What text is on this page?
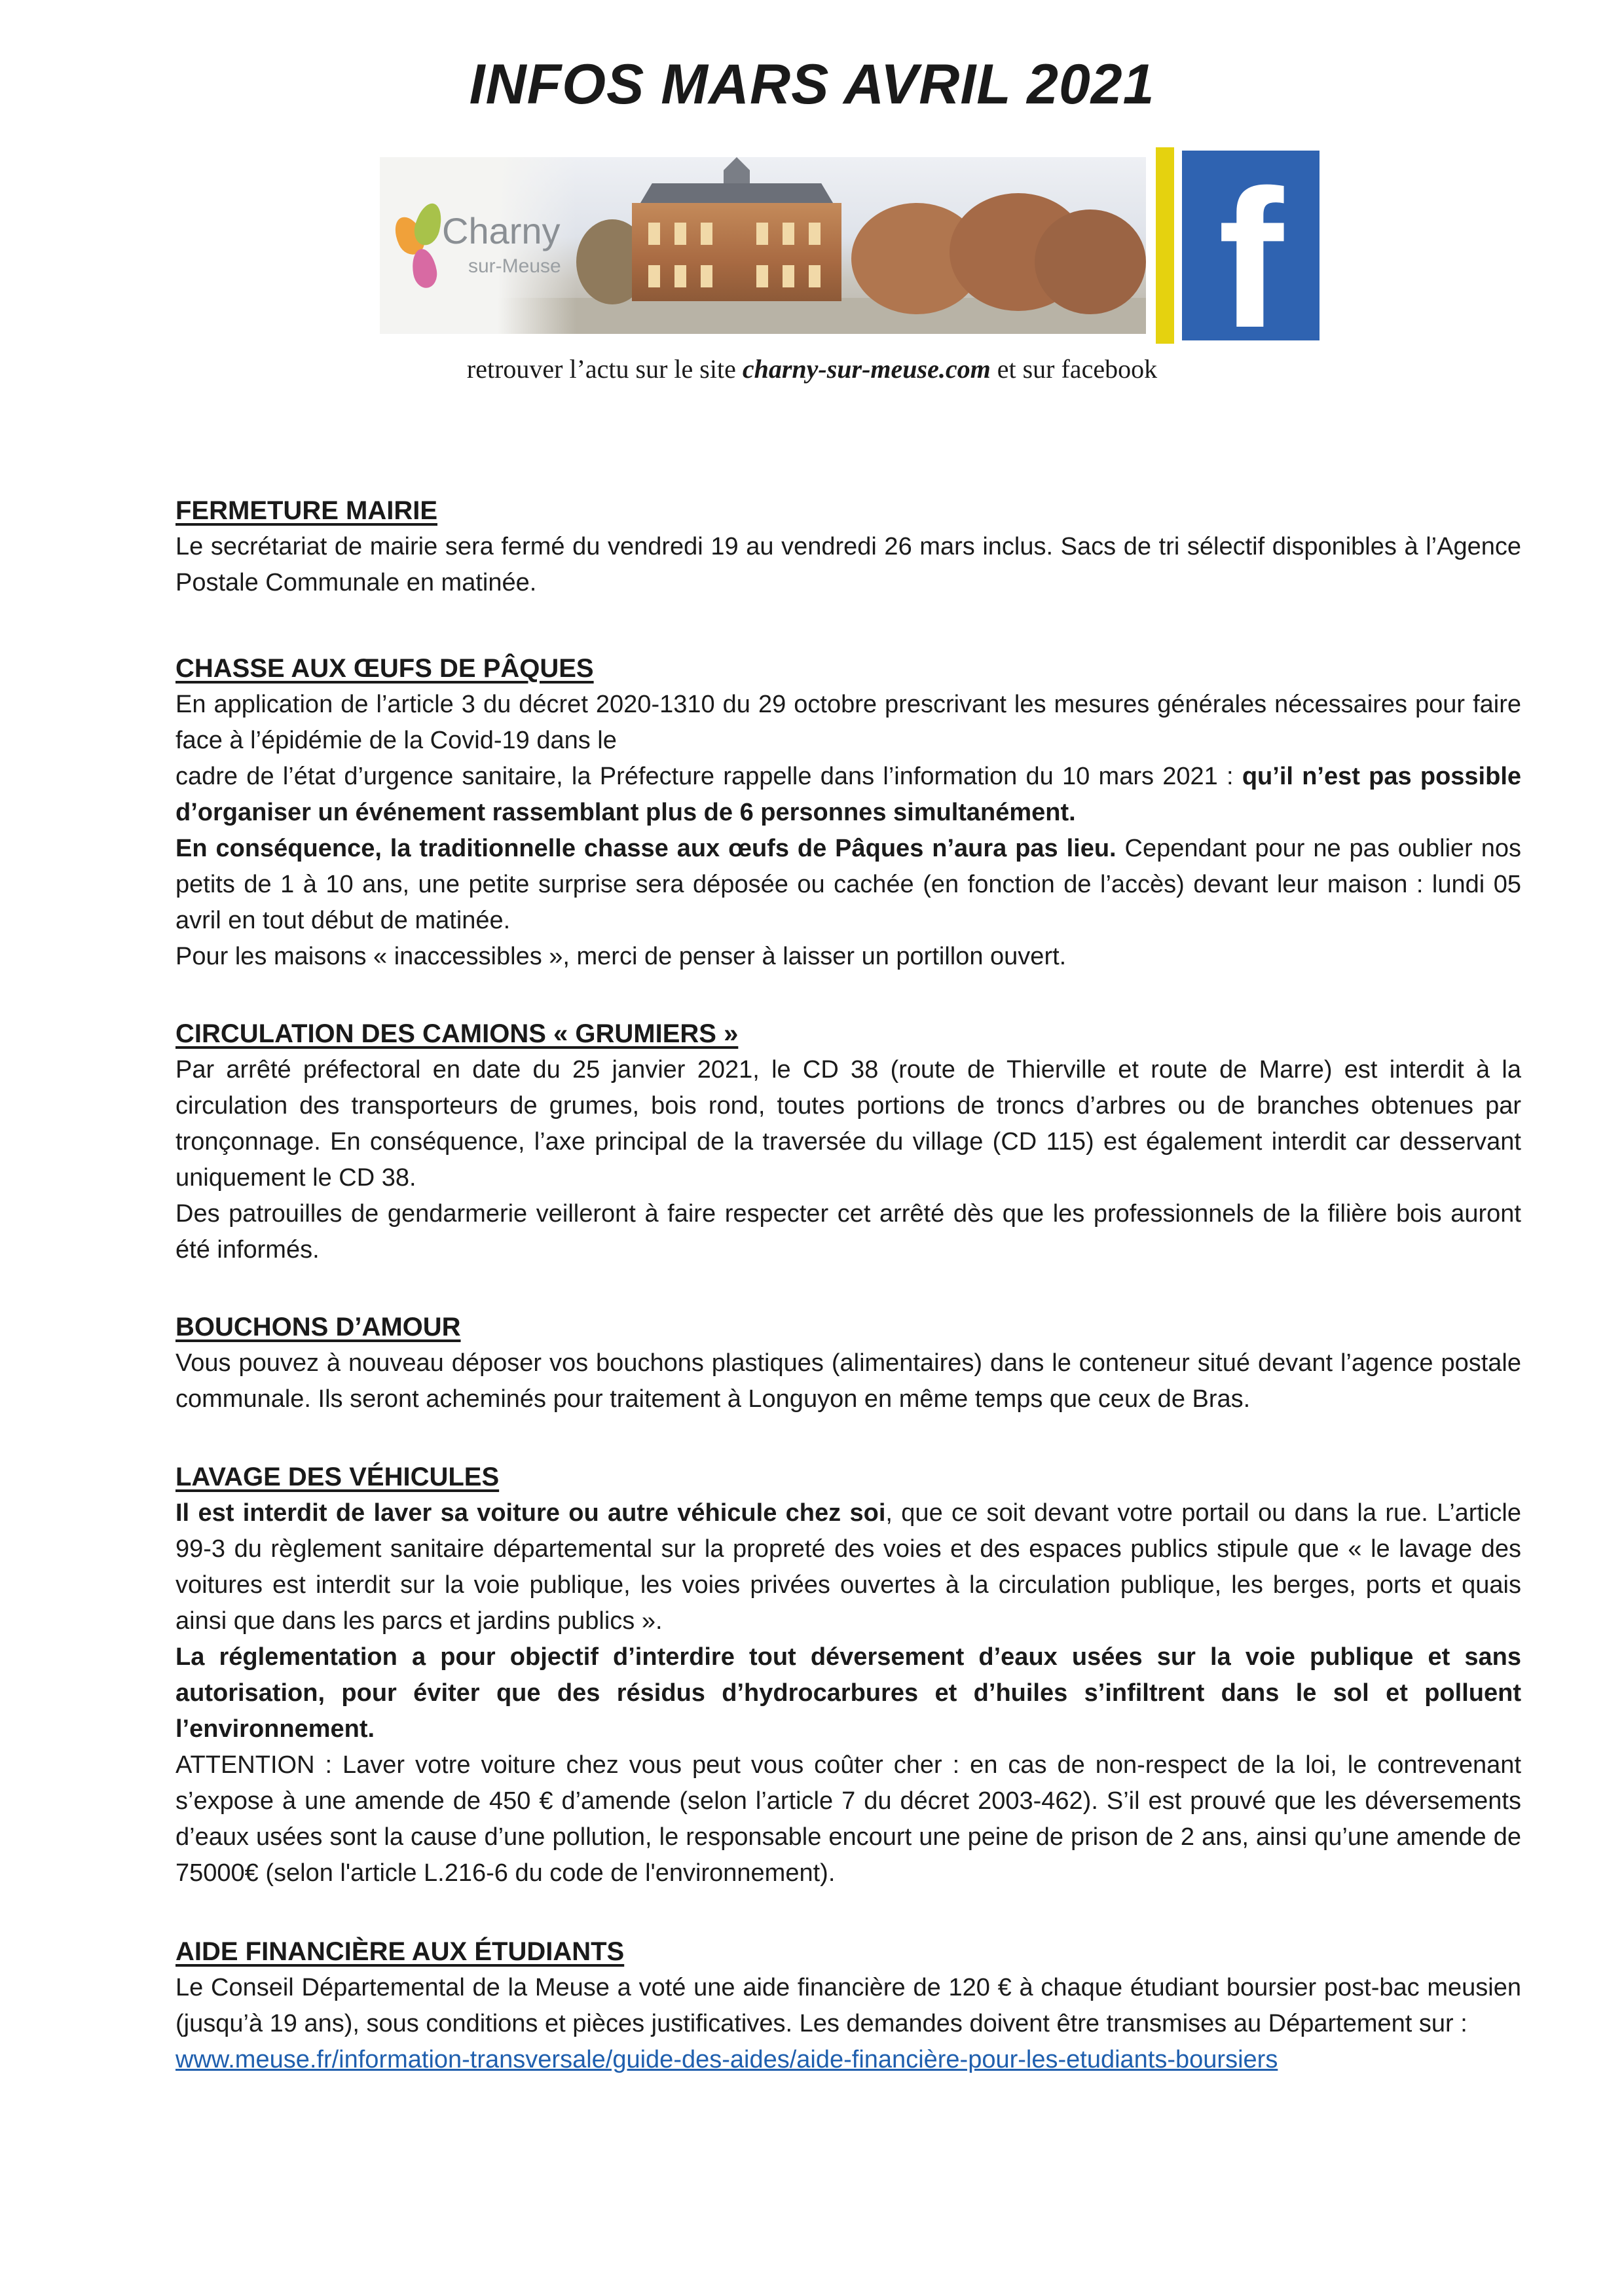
INFOS MARS AVRIL 2021
Charny
sur-Meuse	f
retrouver l’actu sur le site charny-sur-meuse.com et sur facebook

FERMETURE MAIRIE

Le secrétariat de mairie sera fermé du vendredi 19 au vendredi 26 mars inclus. Sacs de tri sélectif disponibles à l’Agence Postale Communale en matinée.

CHASSE AUX ŒUFS DE PÂQUES

En application de l’article 3 du décret 2020-1310 du 29 octobre prescrivant les mesures générales nécessaires pour faire face à l’épidémie de la Covid-19 dans le

cadre de l’état d’urgence sanitaire, la Préfecture rappelle dans l’information du 10 mars 2021 : qu’il n’est pas possible d’organiser un événement rassemblant plus de 6 personnes simultanément.

En conséquence, la traditionnelle chasse aux œufs de Pâques n’aura pas lieu. Cependant pour ne pas oublier nos petits de 1 à 10 ans, une petite surprise sera déposée ou cachée (en fonction de l’accès) devant leur maison : lundi 05 avril en tout début de matinée.

Pour les maisons « inaccessibles », merci de penser à laisser un portillon ouvert.

CIRCULATION DES CAMIONS « GRUMIERS »

Par arrêté préfectoral en date du 25 janvier 2021, le CD 38 (route de Thierville et route de Marre) est interdit à la circulation des transporteurs de grumes, bois rond, toutes portions de troncs d’arbres ou de branches obtenues par tronçonnage. En conséquence, l’axe principal de la traversée du village (CD 115) est également interdit car desservant uniquement le CD 38.

Des patrouilles de gendarmerie veilleront à faire respecter cet arrêté dès que les professionnels de la filière bois auront été informés.

BOUCHONS D’AMOUR

Vous pouvez à nouveau déposer vos bouchons plastiques (alimentaires) dans le conteneur situé devant l’agence postale communale. Ils seront acheminés pour traitement à Longuyon en même temps que ceux de Bras.

LAVAGE DES VÉHICULES

Il est interdit de laver sa voiture ou autre véhicule chez soi, que ce soit devant votre portail ou dans la rue. L’article 99-3 du règlement sanitaire départemental sur la propreté des voies et des espaces publics stipule que « le lavage des voitures est interdit sur la voie publique, les voies privées ouvertes à la circulation publique, les berges, ports et quais ainsi que dans les parcs et jardins publics ».

La réglementation a pour objectif d’interdire tout déversement d’eaux usées sur la voie publique et sans autorisation, pour éviter que des résidus d’hydrocarbures et d’huiles s’infiltrent dans le sol et polluent l’environnement.

ATTENTION : Laver votre voiture chez vous peut vous coûter cher : en cas de non-respect de la loi, le contrevenant s’expose à une amende de 450 € d’amende (selon l’article 7 du décret 2003-462). S’il est prouvé que les déversements d’eaux usées sont la cause d’une pollution, le responsable encourt une peine de prison de 2 ans, ainsi qu’une amende de 75000€ (selon l'article L.216-6 du code de l'environnement).

AIDE FINANCIÈRE AUX ÉTUDIANTS

Le Conseil Départemental de la Meuse a voté une aide financière de 120 € à chaque étudiant boursier post-bac meusien (jusqu’à 19 ans), sous conditions et pièces justificatives. Les demandes doivent être transmises au Département sur :

www.meuse.fr/information-transversale/guide-des-aides/aide-financière-pour-les-etudiants-boursiers
